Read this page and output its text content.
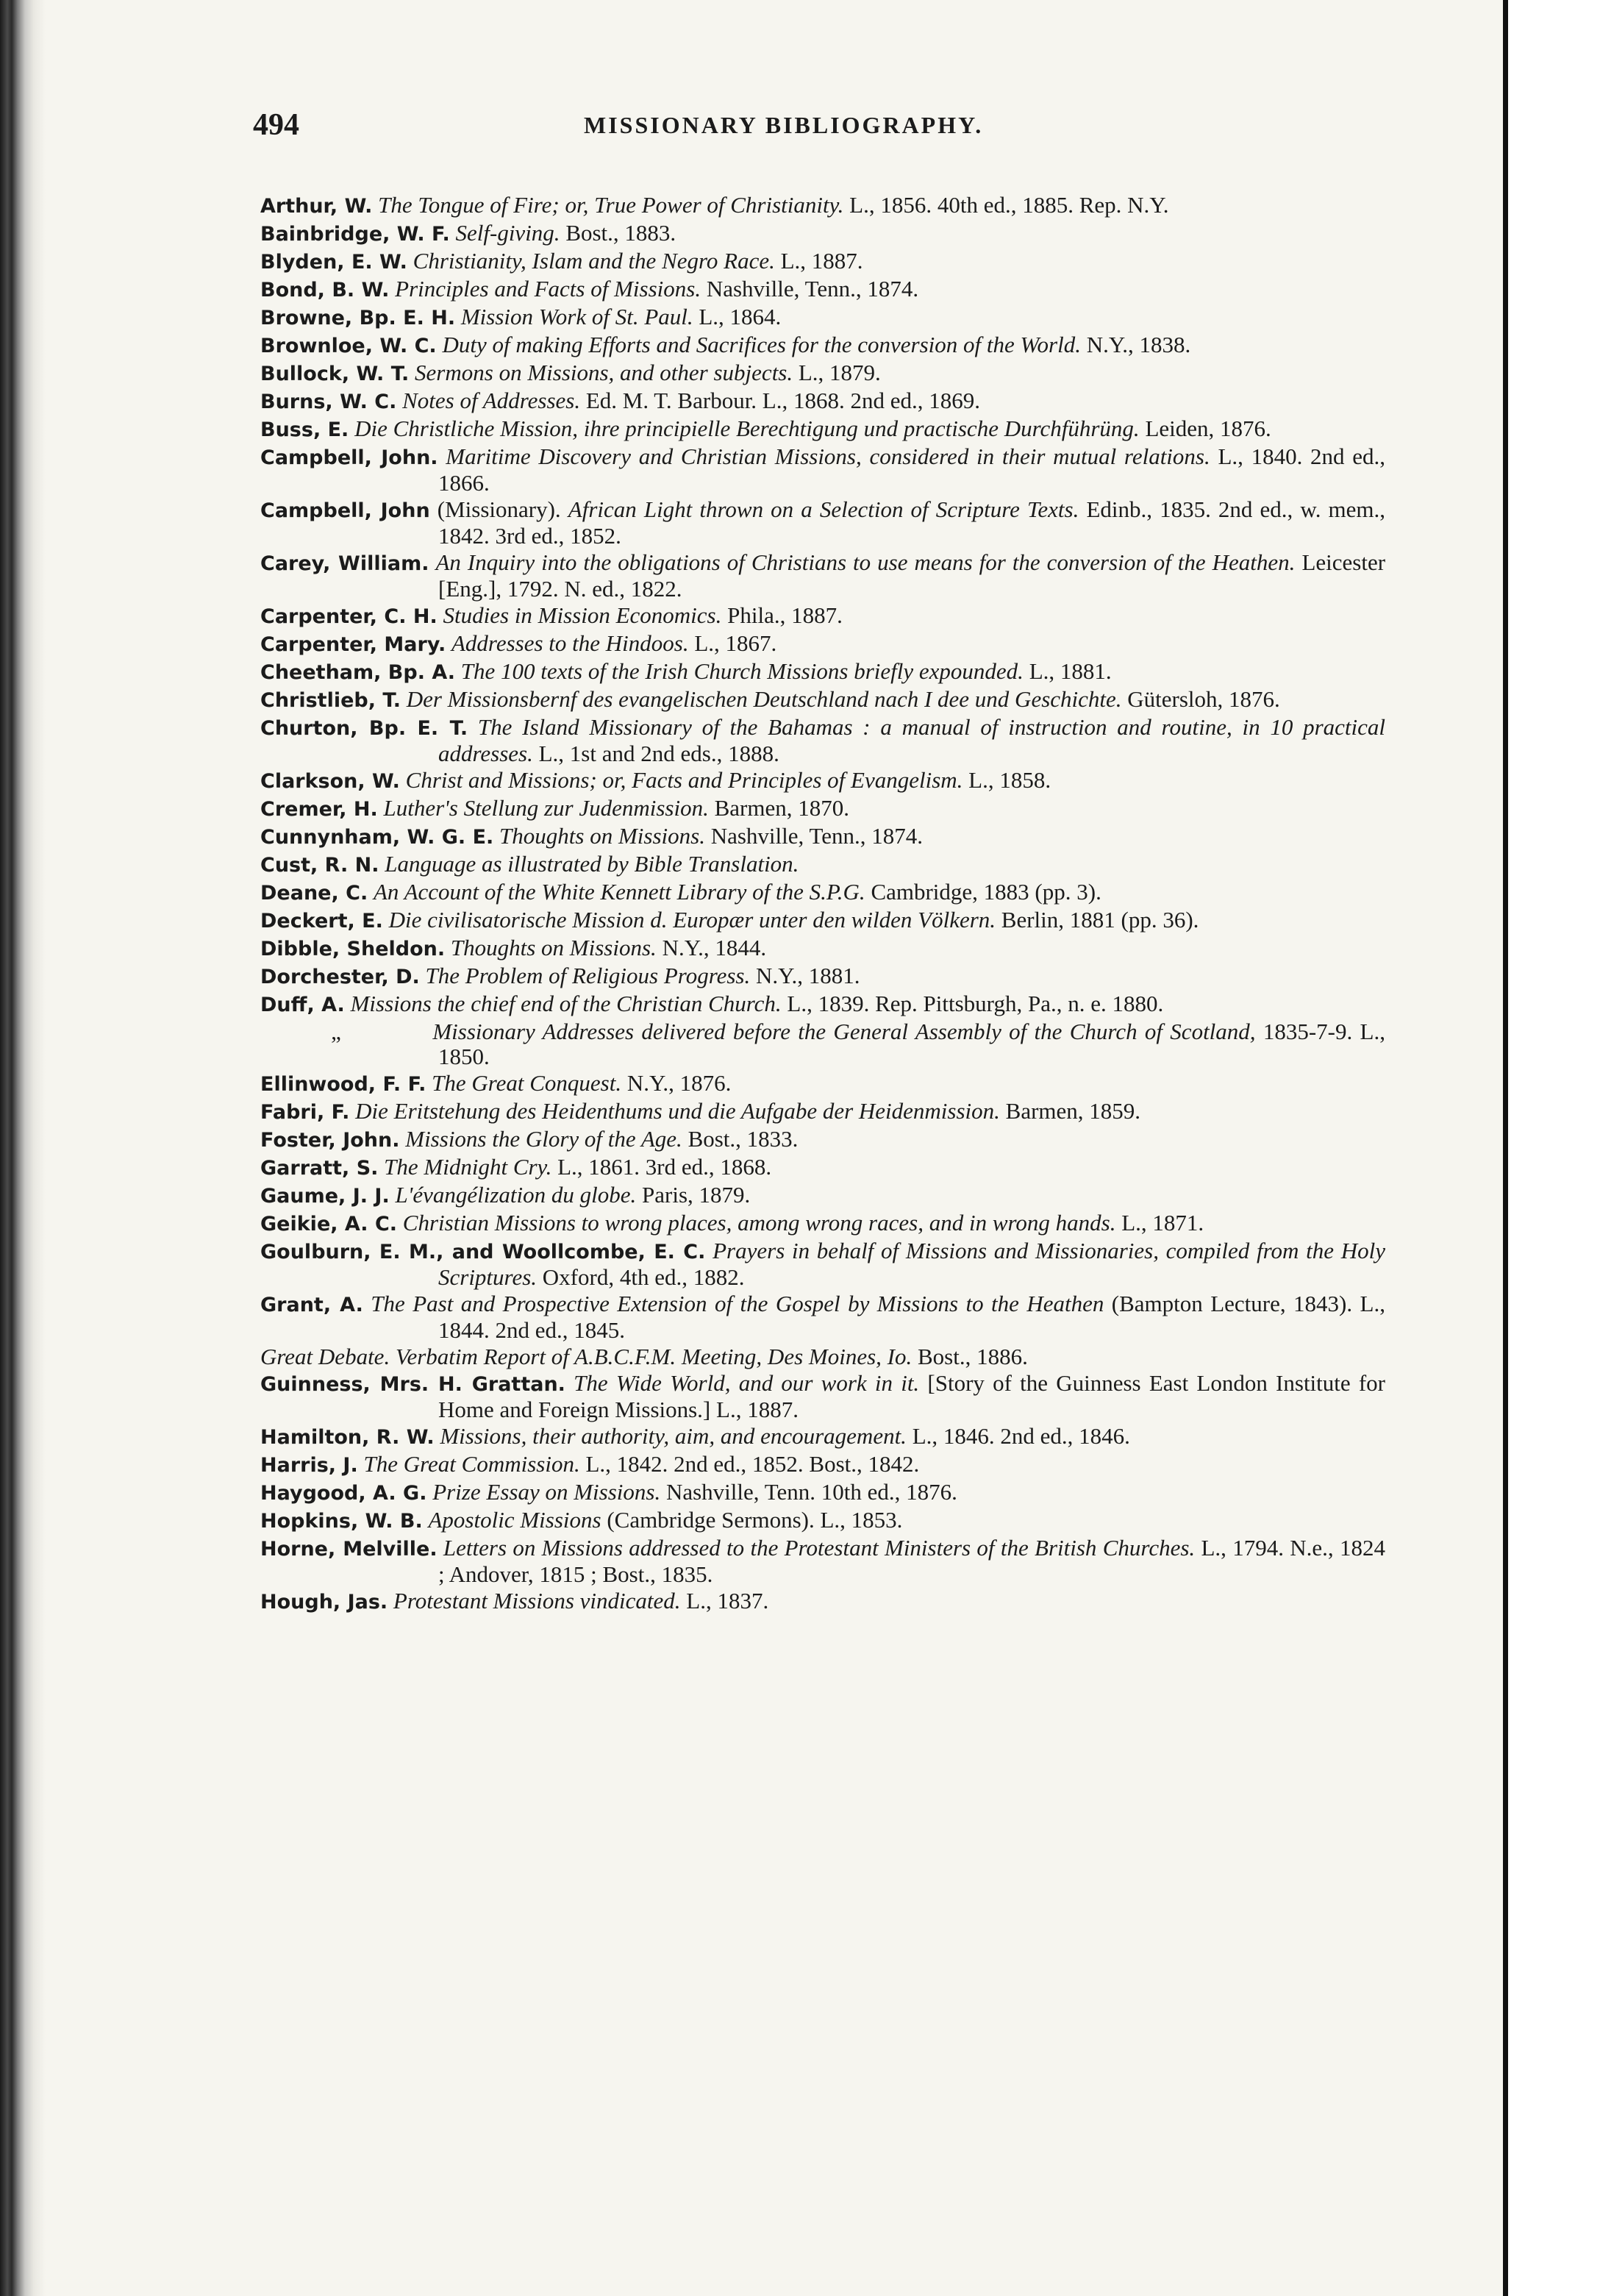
494	MISSIONARY BIBLIOGRAPHY.
Arthur, W. The Tongue of Fire; or, True Power of Christianity. L., 1856. 40th ed., 1885. Rep. N.Y.
Bainbridge, W. F. Self-giving. Bost., 1883.
Blyden, E. W. Christianity, Islam and the Negro Race. L., 1887.
Bond, B. W. Principles and Facts of Missions. Nashville, Tenn., 1874.
Browne, Bp. E. H. Mission Work of St. Paul. L., 1864.
Brownloe, W. C. Duty of making Efforts and Sacrifices for the conversion of the World. N.Y., 1838.
Bullock, W. T. Sermons on Missions, and other subjects. L., 1879.
Burns, W. C. Notes of Addresses. Ed. M. T. Barbour. L., 1868. 2nd ed., 1869.
Buss, E. Die Christliche Mission, ihre principielle Berechtigung und practische Durchführüng. Leiden, 1876.
Campbell, John. Maritime Discovery and Christian Missions, considered in their mutual relations. L., 1840. 2nd ed., 1866.
Campbell, John (Missionary). African Light thrown on a Selection of Scripture Texts. Edinb., 1835. 2nd ed., w. mem., 1842. 3rd ed., 1852.
Carey, William. An Inquiry into the obligations of Christians to use means for the conversion of the Heathen. Leicester [Eng.], 1792. N. ed., 1822.
Carpenter, C. H. Studies in Mission Economics. Phila., 1887.
Carpenter, Mary. Addresses to the Hindoos. L., 1867.
Cheetham, Bp. A. The 100 texts of the Irish Church Missions briefly expounded. L., 1881.
Christlieb, T. Der Missionsbernf des evangelischen Deutschland nach I dee und Geschichte. Gütersloh, 1876.
Churton, Bp. E. T. The Island Missionary of the Bahamas : a manual of instruction and routine, in 10 practical addresses. L., 1st and 2nd eds., 1888.
Clarkson, W. Christ and Missions; or, Facts and Principles of Evangelism. L., 1858.
Cremer, H. Luther's Stellung zur Judenmission. Barmen, 1870.
Cunnynham, W. G. E. Thoughts on Missions. Nashville, Tenn., 1874.
Cust, R. N. Language as illustrated by Bible Translation.
Deane, C. An Account of the White Kennett Library of the S.P.G. Cambridge, 1883 (pp. 3).
Deckert, E. Die civilisatorische Mission d. Europær unter den wilden Völkern. Berlin, 1881 (pp. 36).
Dibble, Sheldon. Thoughts on Missions. N.Y., 1844.
Dorchester, D. The Problem of Religious Progress. N.Y., 1881.
Duff, A. Missions the chief end of the Christian Church. L., 1839. Rep. Pittsburgh, Pa., n. e. 1880.
„	Missionary Addresses delivered before the General Assembly of the Church of Scotland, 1835-7-9. L., 1850.
Ellinwood, F. F. The Great Conquest. N.Y., 1876.
Fabri, F. Die Eritstehung des Heidenthums und die Aufgabe der Heidenmission. Barmen, 1859.
Foster, John. Missions the Glory of the Age. Bost., 1833.
Garratt, S. The Midnight Cry. L., 1861. 3rd ed., 1868.
Gaume, J. J. L'évangélization du globe. Paris, 1879.
Geikie, A. C. Christian Missions to wrong places, among wrong races, and in wrong hands. L., 1871.
Goulburn, E. M., and Woollcombe, E. C. Prayers in behalf of Missions and Missionaries, compiled from the Holy Scriptures. Oxford, 4th ed., 1882.
Grant, A. The Past and Prospective Extension of the Gospel by Missions to the Heathen (Bampton Lecture, 1843). L., 1844. 2nd ed., 1845.
Great Debate. Verbatim Report of A.B.C.F.M. Meeting, Des Moines, Io. Bost., 1886.
Guinness, Mrs. H. Grattan. The Wide World, and our work in it. [Story of the Guinness East London Institute for Home and Foreign Missions.] L., 1887.
Hamilton, R. W. Missions, their authority, aim, and encouragement. L., 1846. 2nd ed., 1846.
Harris, J. The Great Commission. L., 1842. 2nd ed., 1852. Bost., 1842.
Haygood, A. G. Prize Essay on Missions. Nashville, Tenn. 10th ed., 1876.
Hopkins, W. B. Apostolic Missions (Cambridge Sermons). L., 1853.
Horne, Melville. Letters on Missions addressed to the Protestant Ministers of the British Churches. L., 1794. N.e., 1824 ; Andover, 1815 ; Bost., 1835.
Hough, Jas. Protestant Missions vindicated. L., 1837.
